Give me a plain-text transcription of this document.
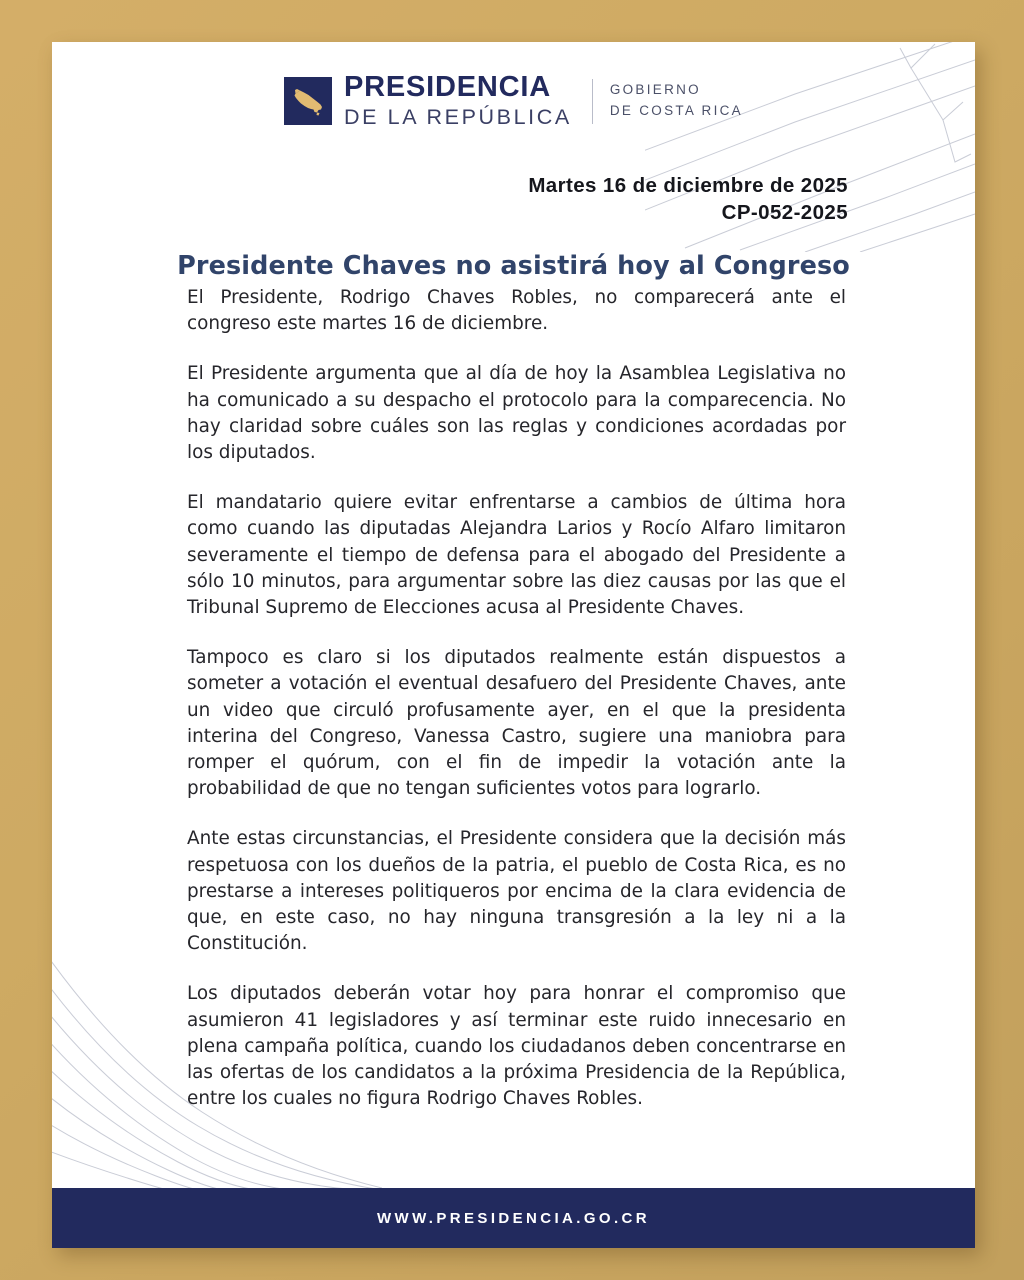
PRESIDENCIA
DE LA REPÚBLICA
GOBIERNO
DE COSTA RICA
Martes 16 de diciembre de 2025
CP-052-2025
Presidente Chaves no asistirá hoy al Congreso

El Presidente, Rodrigo Chaves Robles, no comparecerá ante el congreso este martes 16 de diciembre.

El Presidente argumenta que al día de hoy la Asamblea Legislativa no ha comunicado a su despacho el protocolo para la comparecencia. No hay claridad sobre cuáles son las reglas y condiciones acordadas por los diputados.

El mandatario quiere evitar enfrentarse a cambios de última hora como cuando las diputadas Alejandra Larios y Rocío Alfaro limitaron severamente el tiempo de defensa para el abogado del Presidente a sólo 10 minutos, para argumentar sobre las diez causas por las que el Tribunal Supremo de Elecciones acusa al Presidente Chaves.

Tampoco es claro si los diputados realmente están dispuestos a someter a votación el eventual desafuero del Presidente Chaves, ante un video que circuló profusamente ayer, en el que la presidenta interina del Congreso, Vanessa Castro, sugiere una maniobra para romper el quórum, con el fin de impedir la votación ante la probabilidad de que no tengan suficientes votos para lograrlo.

Ante estas circunstancias, el Presidente considera que la decisión más respetuosa con los dueños de la patria, el pueblo de Costa Rica, es no prestarse a intereses politiqueros por encima de la clara evidencia de que, en este caso, no hay ninguna transgresión a la ley ni a la Constitución.

Los diputados deberán votar hoy para honrar el compromiso que asumieron 41 legisladores y así terminar este ruido innecesario en plena campaña política, cuando los ciudadanos deben concentrarse en las ofertas de los candidatos a la próxima Presidencia de la República, entre los cuales no figura Rodrigo Chaves Robles.

WWW.PRESIDENCIA.GO.CR
